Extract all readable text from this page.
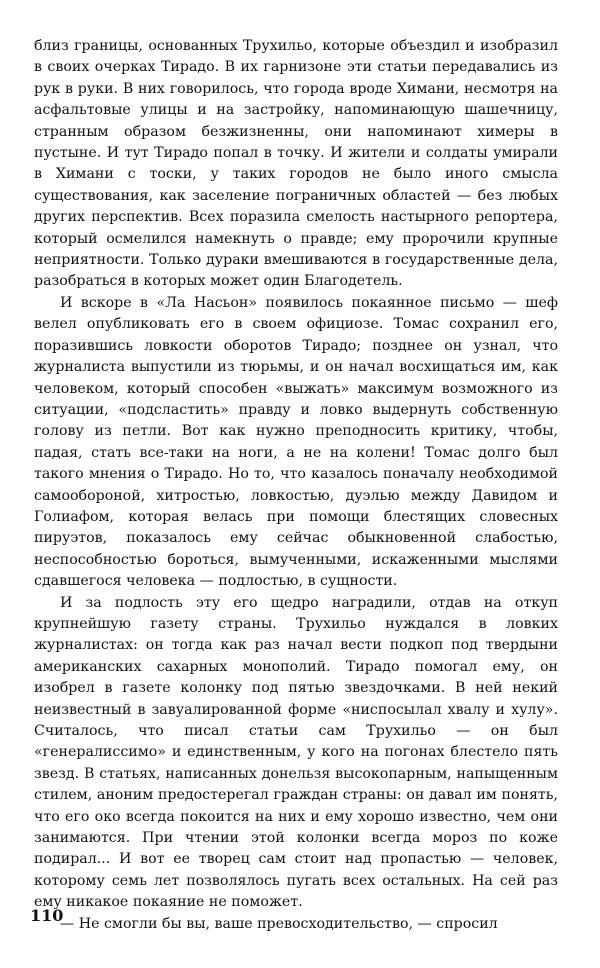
близ границы, основанных Трухильо, которые объездил и изобразил в своих очерках Тирадо. В их гарнизоне эти статьи передавались из рук в руки. В них говорилось, что города вроде Химани, несмотря на асфальтовые улицы и на застройку, напоминающую шашечницу, странным образом безжизненны, они напоминают химеры в пустыне. И тут Тирадо попал в точку. И жители и солдаты умирали в Химани с тоски, у таких городов не было иного смысла существования, как заселение пограничных областей — без любых других перспектив. Всех поразила смелость настырного репортера, который осмелился намекнуть о правде; ему пророчили крупные неприятности. Только дураки вмешиваются в государственные дела, разобраться в которых может один Благодетель.

И вскоре в «Ла Насьон» появилось покаянное письмо — шеф велел опубликовать его в своем официозе. Томас сохранил его, поразившись ловкости оборотов Тирадо; позднее он узнал, что журналиста выпустили из тюрьмы, и он начал восхищаться им, как человеком, который способен «выжать» максимум возможного из ситуации, «подсластить» правду и ловко выдернуть собственную голову из петли. Вот как нужно преподносить критику, чтобы, падая, стать все-таки на ноги, а не на колени! Томас долго был такого мнения о Тирадо. Но то, что казалось поначалу необходимой самообороной, хитростью, ловкостью, дуэлью между Давидом и Голиафом, которая велась при помощи блестящих словесных пируэтов, показалось ему сейчас обыкновенной слабостью, неспособностью бороться, вымученными, искаженными мыслями сдавшегося человека — подлостью, в сущности.

И за подлость эту его щедро наградили, отдав на откуп крупнейшую газету страны. Трухильо нуждался в ловких журналистах: он тогда как раз начал вести подкоп под твердыни американских сахарных монополий. Тирадо помогал ему, он изобрел в газете колонку под пятью звездочками. В ней некий неизвестный в завуалированной форме «ниспосылал хвалу и хулу». Считалось, что писал статьи сам Трухильо — он был «генералиссимо» и единственным, у кого на погонах блестело пять звезд. В статьях, написанных донельзя высокопарным, напыщенным стилем, аноним предостерегал граждан страны: он давал им понять, что его око всегда покоится на них и ему хорошо известно, чем они занимаются. При чтении этой колонки всегда мороз по коже подирал... И вот ее творец сам стоит над пропастью — человек, которому семь лет позволялось пугать всех остальных. На сей раз ему никакое покаяние не поможет.

— Не смогли бы вы, ваше превосходительство, — спросил

110
